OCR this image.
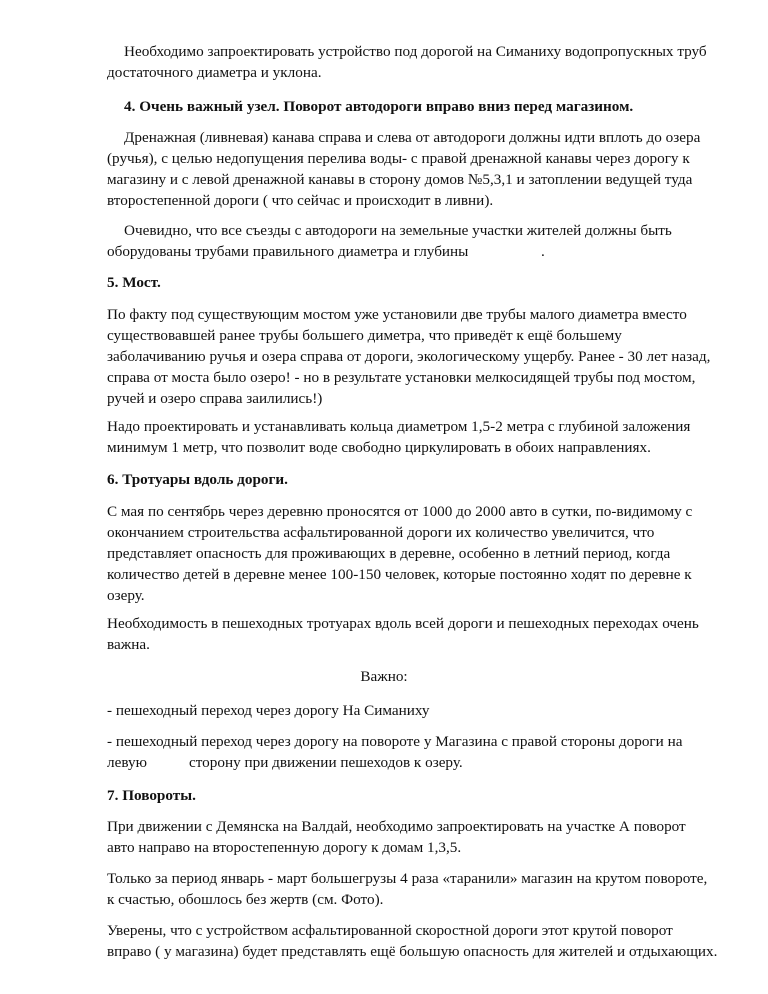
Необходимо запроектировать устройство под дорогой на Симаниху водопропускных труб
достаточного диаметра и уклона.
4. Очень важный узел. Поворот автодороги вправо вниз перед магазином.
Дренажная (ливневая) канава справа и слева от автодороги должны идти вплоть до озера
(ручья), с целью недопущения перелива воды- с правой дренажной канавы через дорогу к
магазину и с левой дренажной канавы в сторону домов №5,3,1 и затоплении ведущей туда
второстепенной дороги ( что сейчас и происходит в ливни).
Очевидно, что все съезды с автодороги на земельные участки жителей должны быть
оборудованы трубами правильного диаметра и глубины	.
5. Мост.
По факту под существующим мостом уже установили две трубы малого диаметра вместо
существовавшей ранее трубы большего диметра, что приведёт к ещё большему
заболачиванию ручья и озера справа от дороги, экологическому ущербу. Ранее - 30 лет назад,
справа от моста было озеро! - но в результате установки мелкосидящей трубы под мостом,
ручей и озеро справа заилились!)
Надо проектировать и устанавливать кольца диаметром 1,5-2 метра с глубиной заложения
минимум 1 метр, что позволит воде свободно циркулировать в обоих направлениях.
6. Тротуары вдоль дороги.
С мая по сентябрь через деревню проносятся от 1000 до 2000 авто в сутки, по-видимому с
окончанием строительства асфальтированной дороги их количество увеличится, что
представляет опасность для проживающих в деревне, особенно в летний период, когда
количество детей в деревне менее 100-150 человек, которые постоянно ходят по деревне к
озеру.
Необходимость в пешеходных тротуарах вдоль всей дороги и пешеходных переходах очень
важна.
Важно:
- пешеходный переход через дорогу На Симаниху
- пешеходный переход через дорогу на повороте у Магазина с правой стороны дороги на
левую	сторону при движении пешеходов к озеру.
7. Повороты.
При движении с Демянска на Валдай, необходимо запроектировать на участке А поворот
авто направо на второстепенную дорогу к домам 1,3,5.
Только за период январь - март большегрузы 4 раза «таранили» магазин на крутом повороте,
к счастью, обошлось без жертв (см. Фото).
Уверены, что с устройством асфальтированной скоростной дороги этот крутой поворот
вправо ( у магазина) будет представлять ещё большую опасность для жителей и отдыхающих.
